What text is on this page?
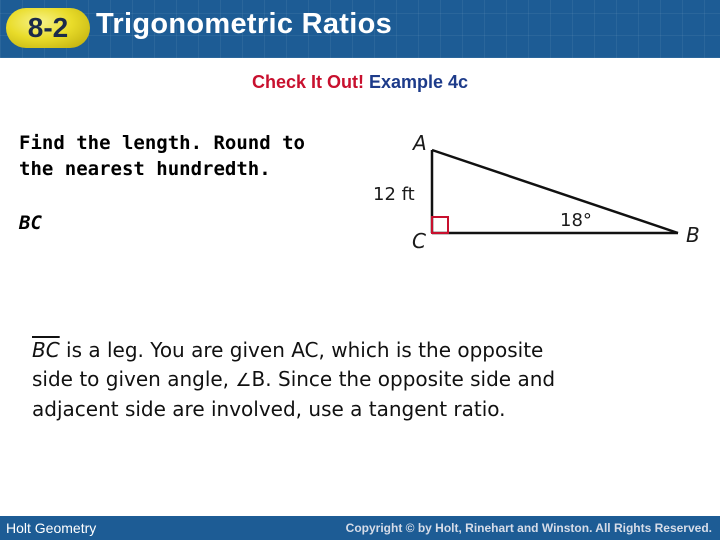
8-2 Trigonometric Ratios
Check It Out! Example 4c
Find the length. Round to
the nearest hundredth.
BC
A
B
C
12 ft
18°
$\overline{BC}$ is a leg. You are given AC, which is the opposite
side to given angle, ∠B. Since the opposite side and
adjacent side are involved, use a tangent ratio.
Holt Geometry	Copyright © by Holt, Rinehart and Winston. All Rights Reserved.
